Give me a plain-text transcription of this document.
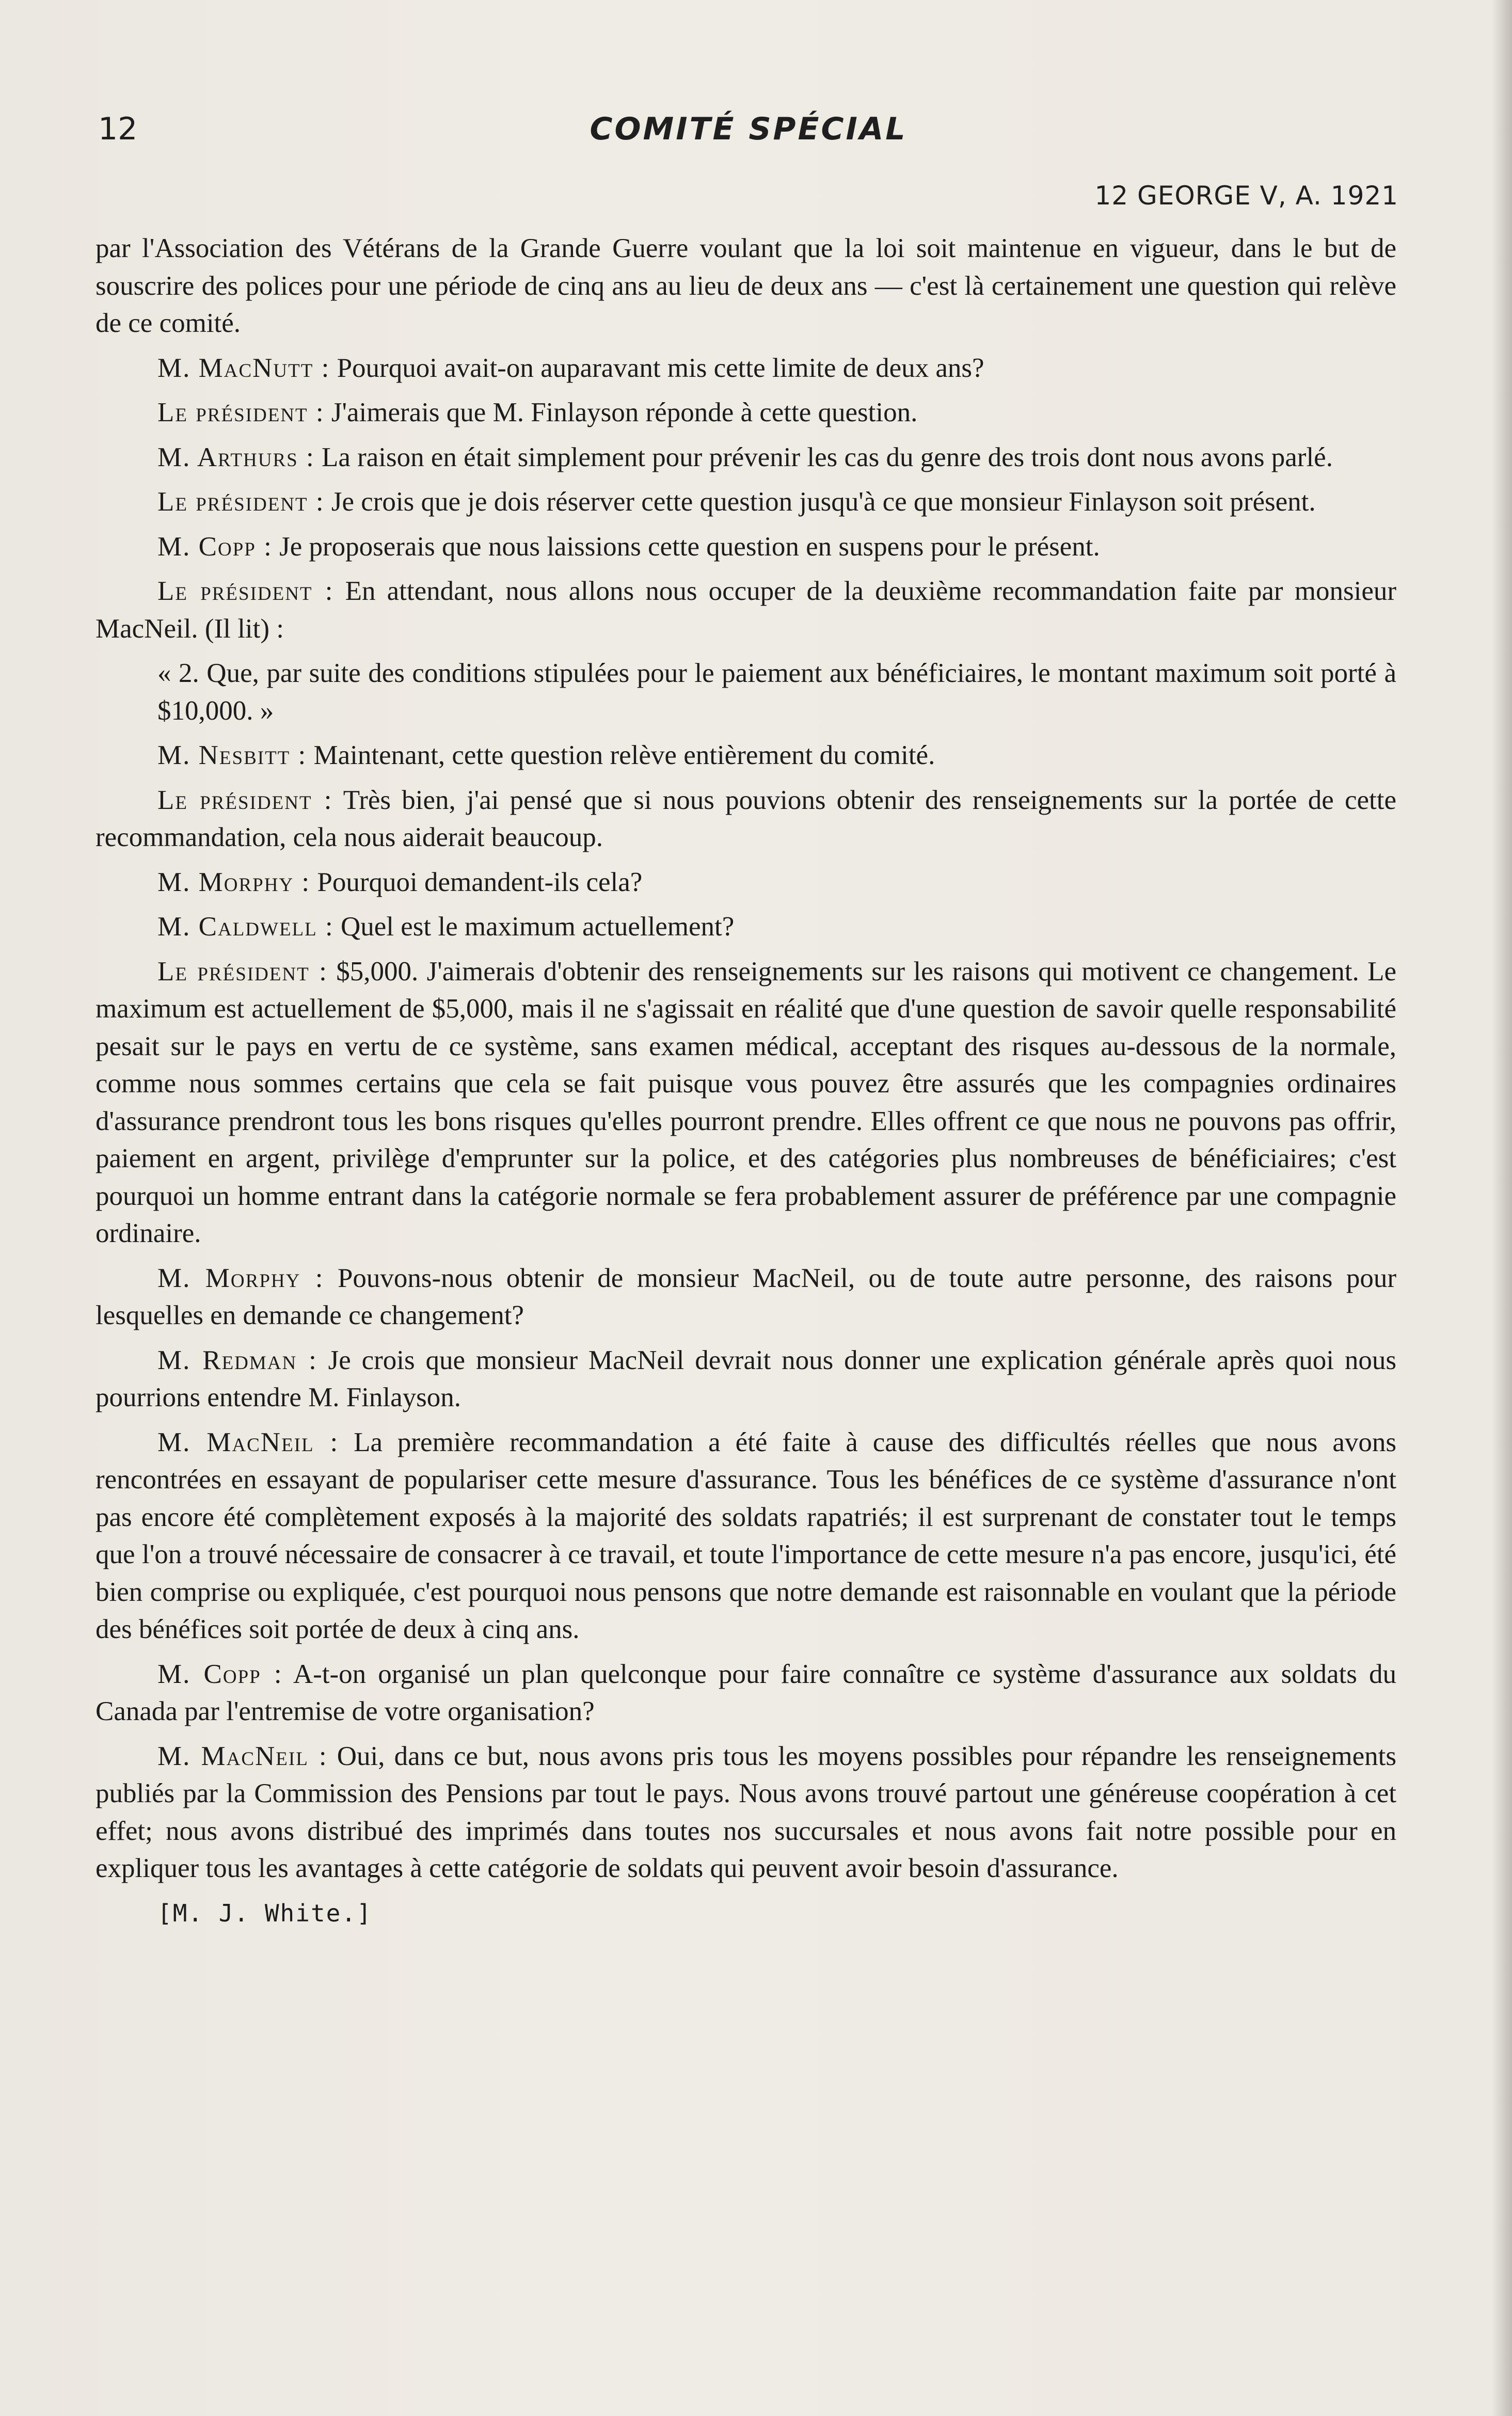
12	COMITÉ SPÉCIAL
12 GEORGE V, A. 1921

par l'Association des Vétérans de la Grande Guerre voulant que la loi soit maintenue en vigueur, dans le but de souscrire des polices pour une période de cinq ans au lieu de deux ans — c'est là certainement une question qui relève de ce comité.

M. MacNutt : Pourquoi avait-on auparavant mis cette limite de deux ans?

Le président : J'aimerais que M. Finlayson réponde à cette question.

M. Arthurs : La raison en était simplement pour prévenir les cas du genre des trois dont nous avons parlé.

Le président : Je crois que je dois réserver cette question jusqu'à ce que monsieur Finlayson soit présent.

M. Copp : Je proposerais que nous laissions cette question en suspens pour le présent.

Le président : En attendant, nous allons nous occuper de la deuxième recommandation faite par monsieur MacNeil. (Il lit) :

« 2. Que, par suite des conditions stipulées pour le paiement aux bénéficiaires, le montant maximum soit porté à $10,000. »

M. Nesbitt : Maintenant, cette question relève entièrement du comité.

Le président : Très bien, j'ai pensé que si nous pouvions obtenir des renseignements sur la portée de cette recommandation, cela nous aiderait beaucoup.

M. Morphy : Pourquoi demandent-ils cela?

M. Caldwell : Quel est le maximum actuellement?

Le président : $5,000. J'aimerais d'obtenir des renseignements sur les raisons qui motivent ce changement. Le maximum est actuellement de $5,000, mais il ne s'agissait en réalité que d'une question de savoir quelle responsabilité pesait sur le pays en vertu de ce système, sans examen médical, acceptant des risques au-dessous de la normale, comme nous sommes certains que cela se fait puisque vous pouvez être assurés que les compagnies ordinaires d'assurance prendront tous les bons risques qu'elles pourront prendre. Elles offrent ce que nous ne pouvons pas offrir, paiement en argent, privilège d'emprunter sur la police, et des catégories plus nombreuses de bénéficiaires; c'est pourquoi un homme entrant dans la catégorie normale se fera probablement assurer de préférence par une compagnie ordinaire.

M. Morphy : Pouvons-nous obtenir de monsieur MacNeil, ou de toute autre personne, des raisons pour lesquelles en demande ce changement?

M. Redman : Je crois que monsieur MacNeil devrait nous donner une explication générale après quoi nous pourrions entendre M. Finlayson.

M. MacNeil : La première recommandation a été faite à cause des difficultés réelles que nous avons rencontrées en essayant de populariser cette mesure d'assurance. Tous les bénéfices de ce système d'assurance n'ont pas encore été complètement exposés à la majorité des soldats rapatriés; il est surprenant de constater tout le temps que l'on a trouvé nécessaire de consacrer à ce travail, et toute l'importance de cette mesure n'a pas encore, jusqu'ici, été bien comprise ou expliquée, c'est pourquoi nous pensons que notre demande est raisonnable en voulant que la période des bénéfices soit portée de deux à cinq ans.

M. Copp : A-t-on organisé un plan quelconque pour faire connaître ce système d'assurance aux soldats du Canada par l'entremise de votre organisation?

M. MacNeil : Oui, dans ce but, nous avons pris tous les moyens possibles pour répandre les renseignements publiés par la Commission des Pensions par tout le pays. Nous avons trouvé partout une généreuse coopération à cet effet; nous avons distribué des imprimés dans toutes nos succursales et nous avons fait notre possible pour en expliquer tous les avantages à cette catégorie de soldats qui peuvent avoir besoin d'assurance.

[M. J. White.]
